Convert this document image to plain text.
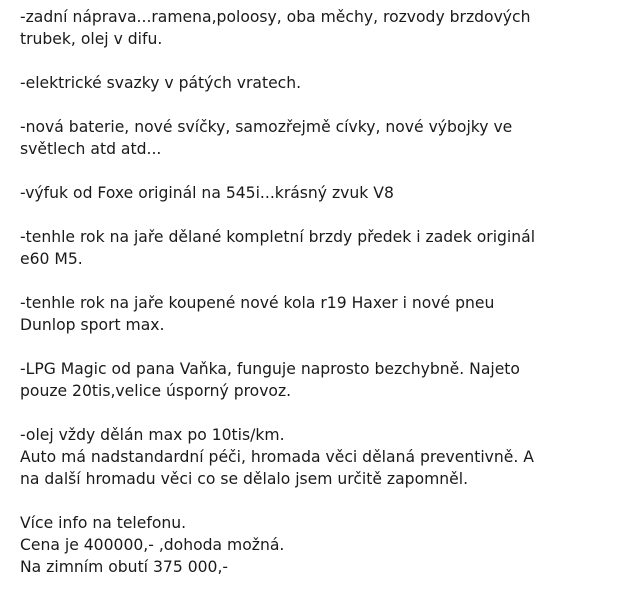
-zadní náprava...ramena,poloosy, oba měchy, rozvody brzdových
trubek, olej v difu.

-elektrické svazky v pátých vratech.

-nová baterie, nové svíčky, samozřejmě cívky, nové výbojky ve
světlech atd atd...

-výfuk od Foxe originál na 545i...krásný zvuk V8

-tenhle rok na jaře dělané kompletní brzdy předek i zadek originál
e60 M5.

-tenhle rok na jaře koupené nové kola r19 Haxer i nové pneu
Dunlop sport max.

-LPG Magic od pana Vaňka, funguje naprosto bezchybně. Najeto
pouze 20tis,velice úsporný provoz.

-olej vždy dělán max po 10tis/km.
Auto má nadstandardní péči, hromada věci dělaná preventivně. A
na další hromadu věci co se dělalo jsem určitě zapomněl.

Více info na telefonu.
Cena je 400000,- ,dohoda možná.
Na zimním obutí 375 000,-
